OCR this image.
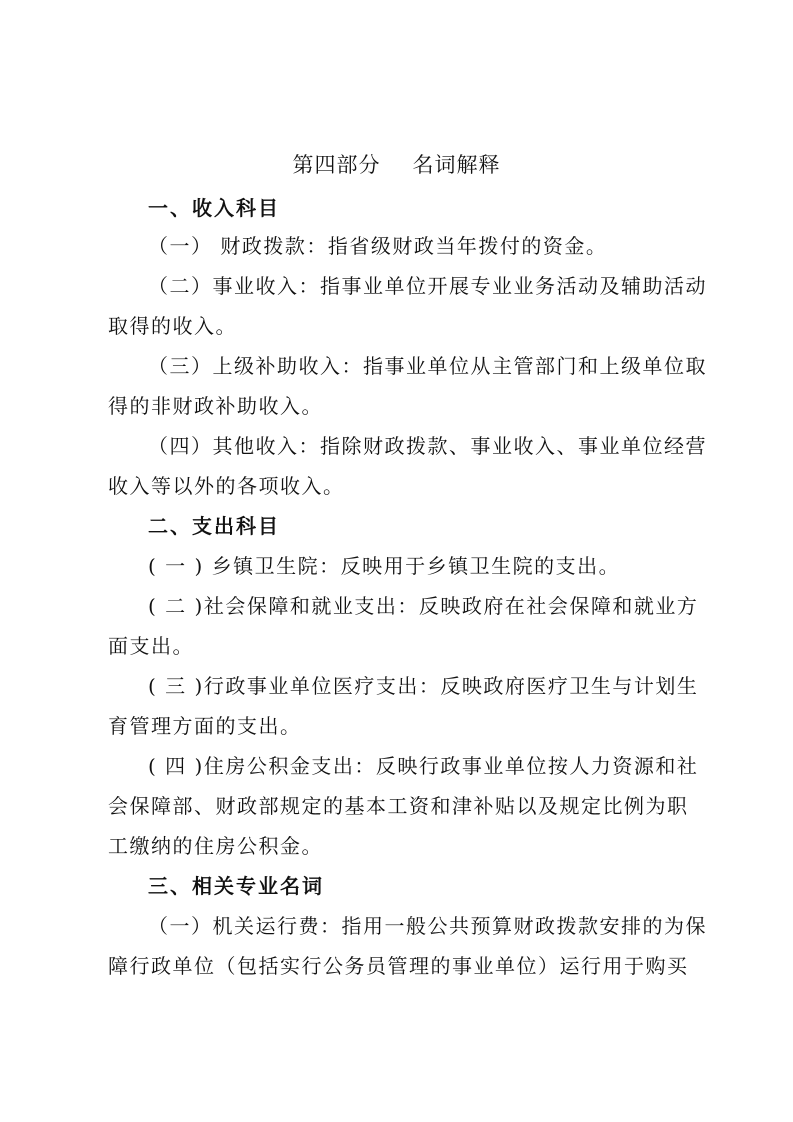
第四部分 名词解释
一、收入科目
（一） 财政拨款：指省级财政当年拨付的资金。
（二）事业收入：指事业单位开展专业业务活动及辅助活动
取得的收入。
（三）上级补助收入：指事业单位从主管部门和上级单位取
得的非财政补助收入。
（四）其他收入：指除财政拨款、事业收入、事业单位经营
收入等以外的各项收入。
二、支出科目
( 一 ) 乡镇卫生院：反映用于乡镇卫生院的支出。
( 二 )社会保障和就业支出：反映政府在社会保障和就业方
面支出。
( 三 )行政事业单位医疗支出：反映政府医疗卫生与计划生
育管理方面的支出。
( 四 )住房公积金支出：反映行政事业单位按人力资源和社
会保障部、财政部规定的基本工资和津补贴以及规定比例为职
工缴纳的住房公积金。
三、相关专业名词
（一）机关运行费：指用一般公共预算财政拨款安排的为保
障行政单位（包括实行公务员管理的事业单位）运行用于购买
